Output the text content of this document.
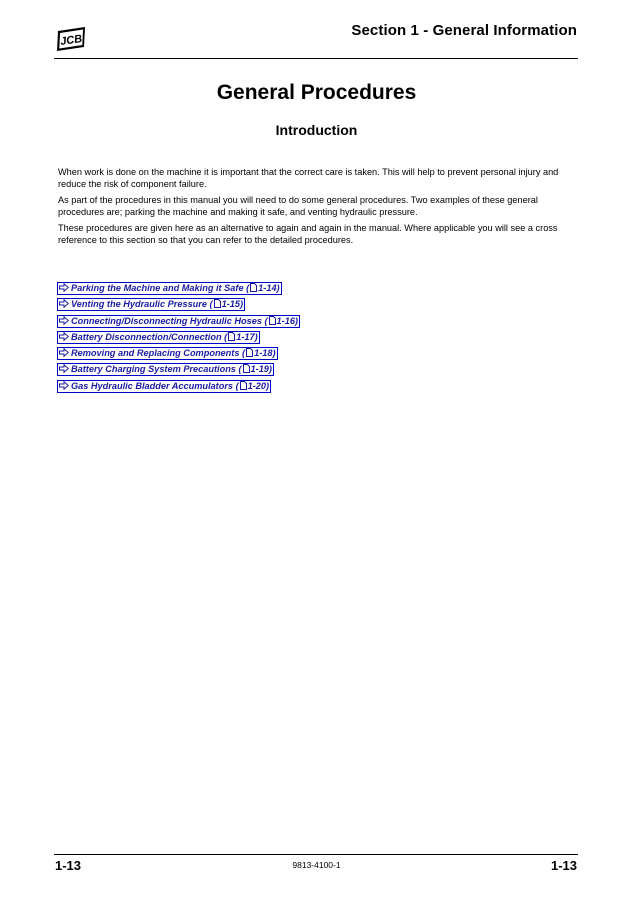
JCB
Section 1 - General Information
General Procedures
Introduction

When work is done on the machine it is important that the correct care is taken. This will help to prevent personal injury and reduce the risk of component failure.

As part of the procedures in this manual you will need to do some general procedures. Two examples of these general procedures are; parking the machine and making it safe, and venting hydraulic pressure.

These procedures are given here as an alternative to again and again in the manual. Where applicable you will see a cross reference to this section so that you can refer to the detailed procedures.

Parking the Machine and Making it Safe ( 1-14)
Venting the Hydraulic Pressure ( 1-15)
Connecting/Disconnecting Hydraulic Hoses ( 1-16)
Battery Disconnection/Connection ( 1-17)
Removing and Replacing Components ( 1-18)
Battery Charging System Precautions ( 1-19)
Gas Hydraulic Bladder Accumulators ( 1-20)
1-13	9813-4100-1	1-13
